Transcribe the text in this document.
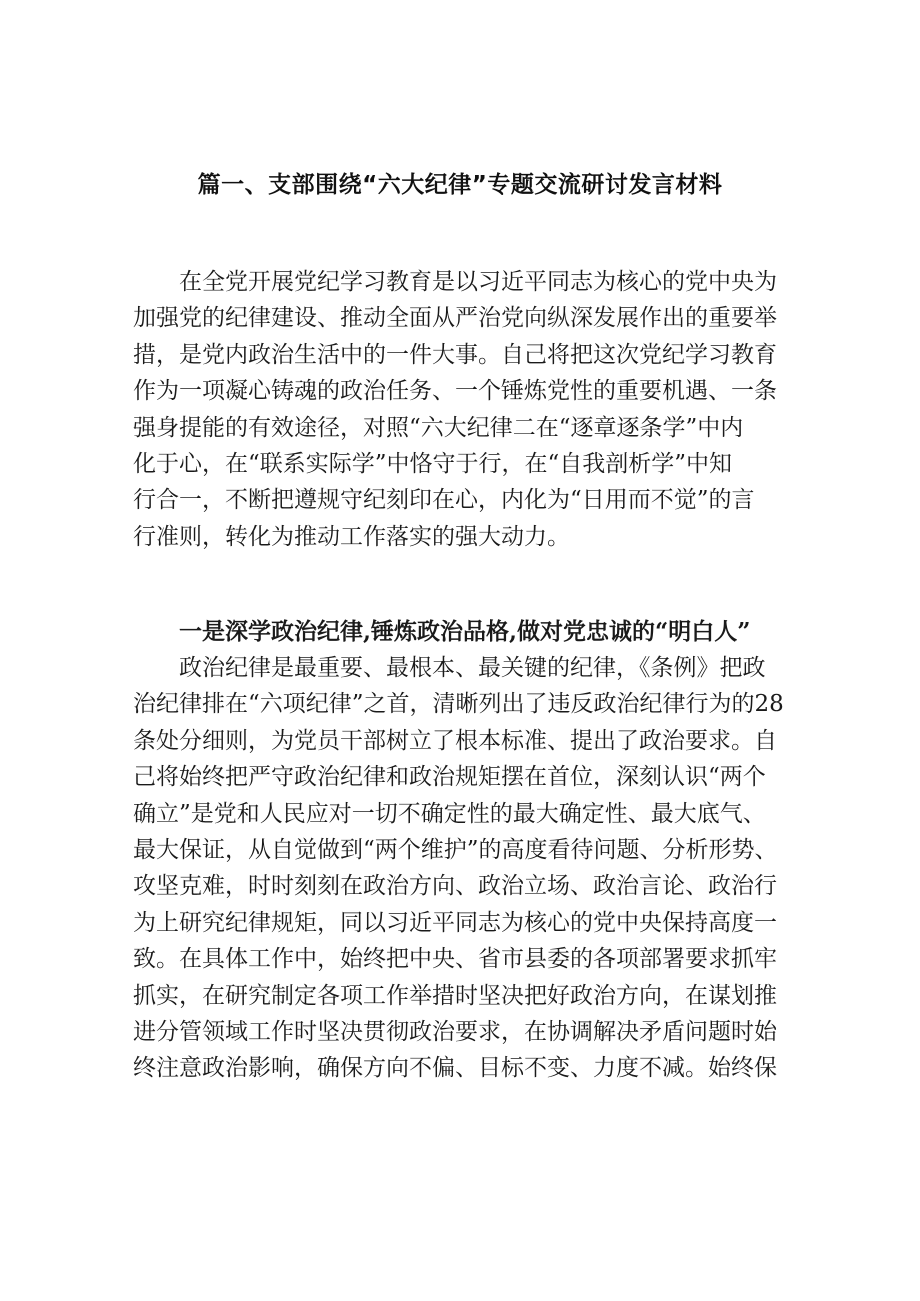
篇一、支部围绕“六大纪律”专题交流研讨发言材料
　　在全党开展党纪学习教育是以习近平同志为核心的党中央为
加强党的纪律建设、推动全面从严治党向纵深发展作出的重要举
措，是党内政治生活中的一件大事。自己将把这次党纪学习教育
作为一项凝心铸魂的政治任务、一个锤炼党性的重要机遇、一条
强身提能的有效途径，对照“六大纪律二在“逐章逐条学”中内
化于心，在“联系实际学”中恪守于行，在“自我剖析学”中知
行合一，不断把遵规守纪刻印在心，内化为“日用而不觉”的言
行准则，转化为推动工作落实的强大动力。
　　一是深学政治纪律,锤炼政治品格,做对党忠诚的“明白人”
　　政治纪律是最重要、最根本、最关键的纪律，《条例》把政
治纪律排在“六项纪律”之首，清晰列出了违反政治纪律行为的28
条处分细则，为党员干部树立了根本标准、提出了政治要求。自
己将始终把严守政治纪律和政治规矩摆在首位，深刻认识“两个
确立”是党和人民应对一切不确定性的最大确定性、最大底气、
最大保证，从自觉做到“两个维护”的高度看待问题、分析形势、
攻坚克难，时时刻刻在政治方向、政治立场、政治言论、政治行
为上研究纪律规矩，同以习近平同志为核心的党中央保持高度一
致。在具体工作中，始终把中央、省市县委的各项部署要求抓牢
抓实，在研究制定各项工作举措时坚决把好政治方向，在谋划推
进分管领域工作时坚决贯彻政治要求，在协调解决矛盾问题时始
终注意政治影响，确保方向不偏、目标不变、力度不减。始终保
